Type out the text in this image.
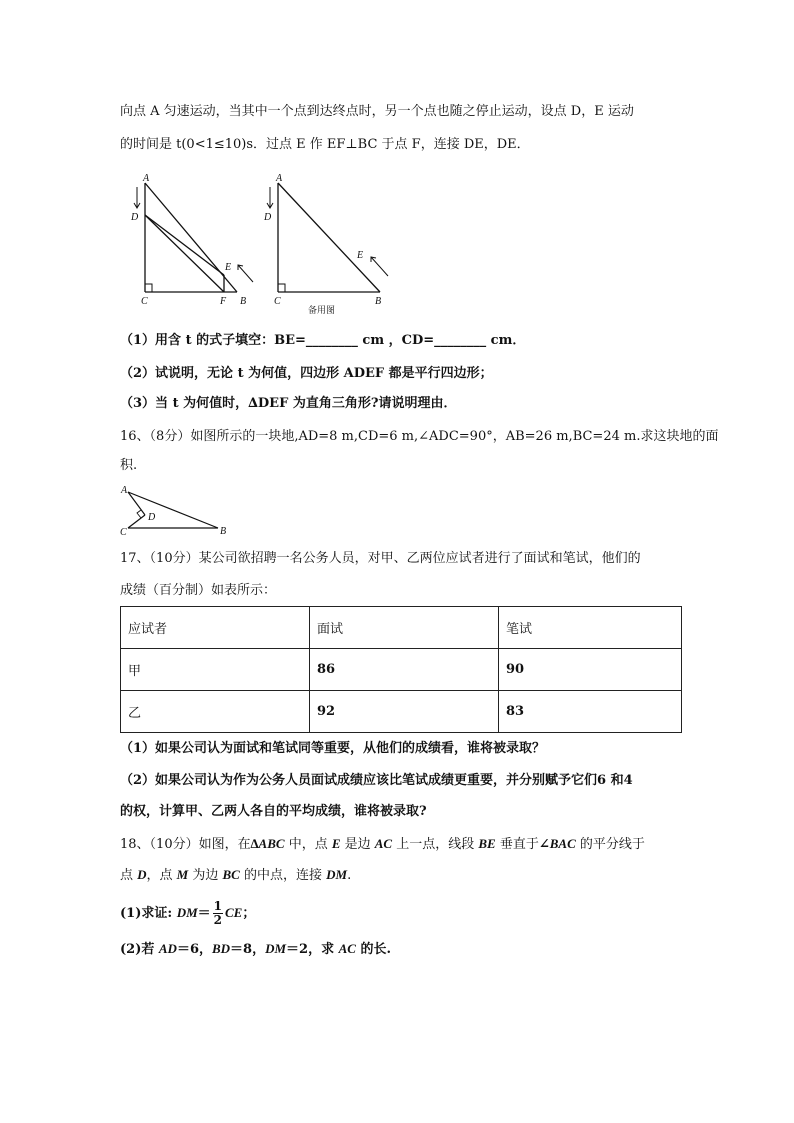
向点 A 匀速运动，当其中一个点到达终点时，另一个点也随之停止运动，设点 D，E 运动
的时间是 t(0<1≤10)s．过点 E 作 EF⊥BC 于点 F，连接 DE，DE．
A
D
C	F B
E
A
D
C	B
E
备用图
（1）用含 t 的式子填空：BE=________ cm ，CD=________ cm．
（2）试说明，无论 t 为何值，四边形 ADEF 都是平行四边形；
（3）当 t 为何值时，∆DEF 为直角三角形?请说明理由．
16、（8分）如图所示的一块地,AD=8 m,CD=6 m,∠ADC=90°，AB=26 m,BC=24 m.求这块地的面
积.
A
D
C	B
17、（10分）某公司欲招聘一名公务人员，对甲、乙两位应试者进行了面试和笔试，他们的
成绩（百分制）如表所示：
应试者	面试	笔试
甲	86	90
乙	92	83
（1）如果公司认为面试和笔试同等重要，从他们的成绩看，谁将被录取？
（2）如果公司认为作为公务人员面试成绩应该比笔试成绩更重要，并分别赋予它们6 和4
的权，计算甲、乙两人各自的平均成绩，谁将被录取?
18、（10分）如图，在∆ABC 中，点 E 是边 AC 上一点，线段 BE 垂直于∠BAC 的平分线于
点 D，点 M 为边 BC 的中点，连接 DM.
(1)求证: $DM= \frac{1}{2}$ CE；
(2)若 AD＝6，BD＝8，DM＝2，求 AC 的长.
